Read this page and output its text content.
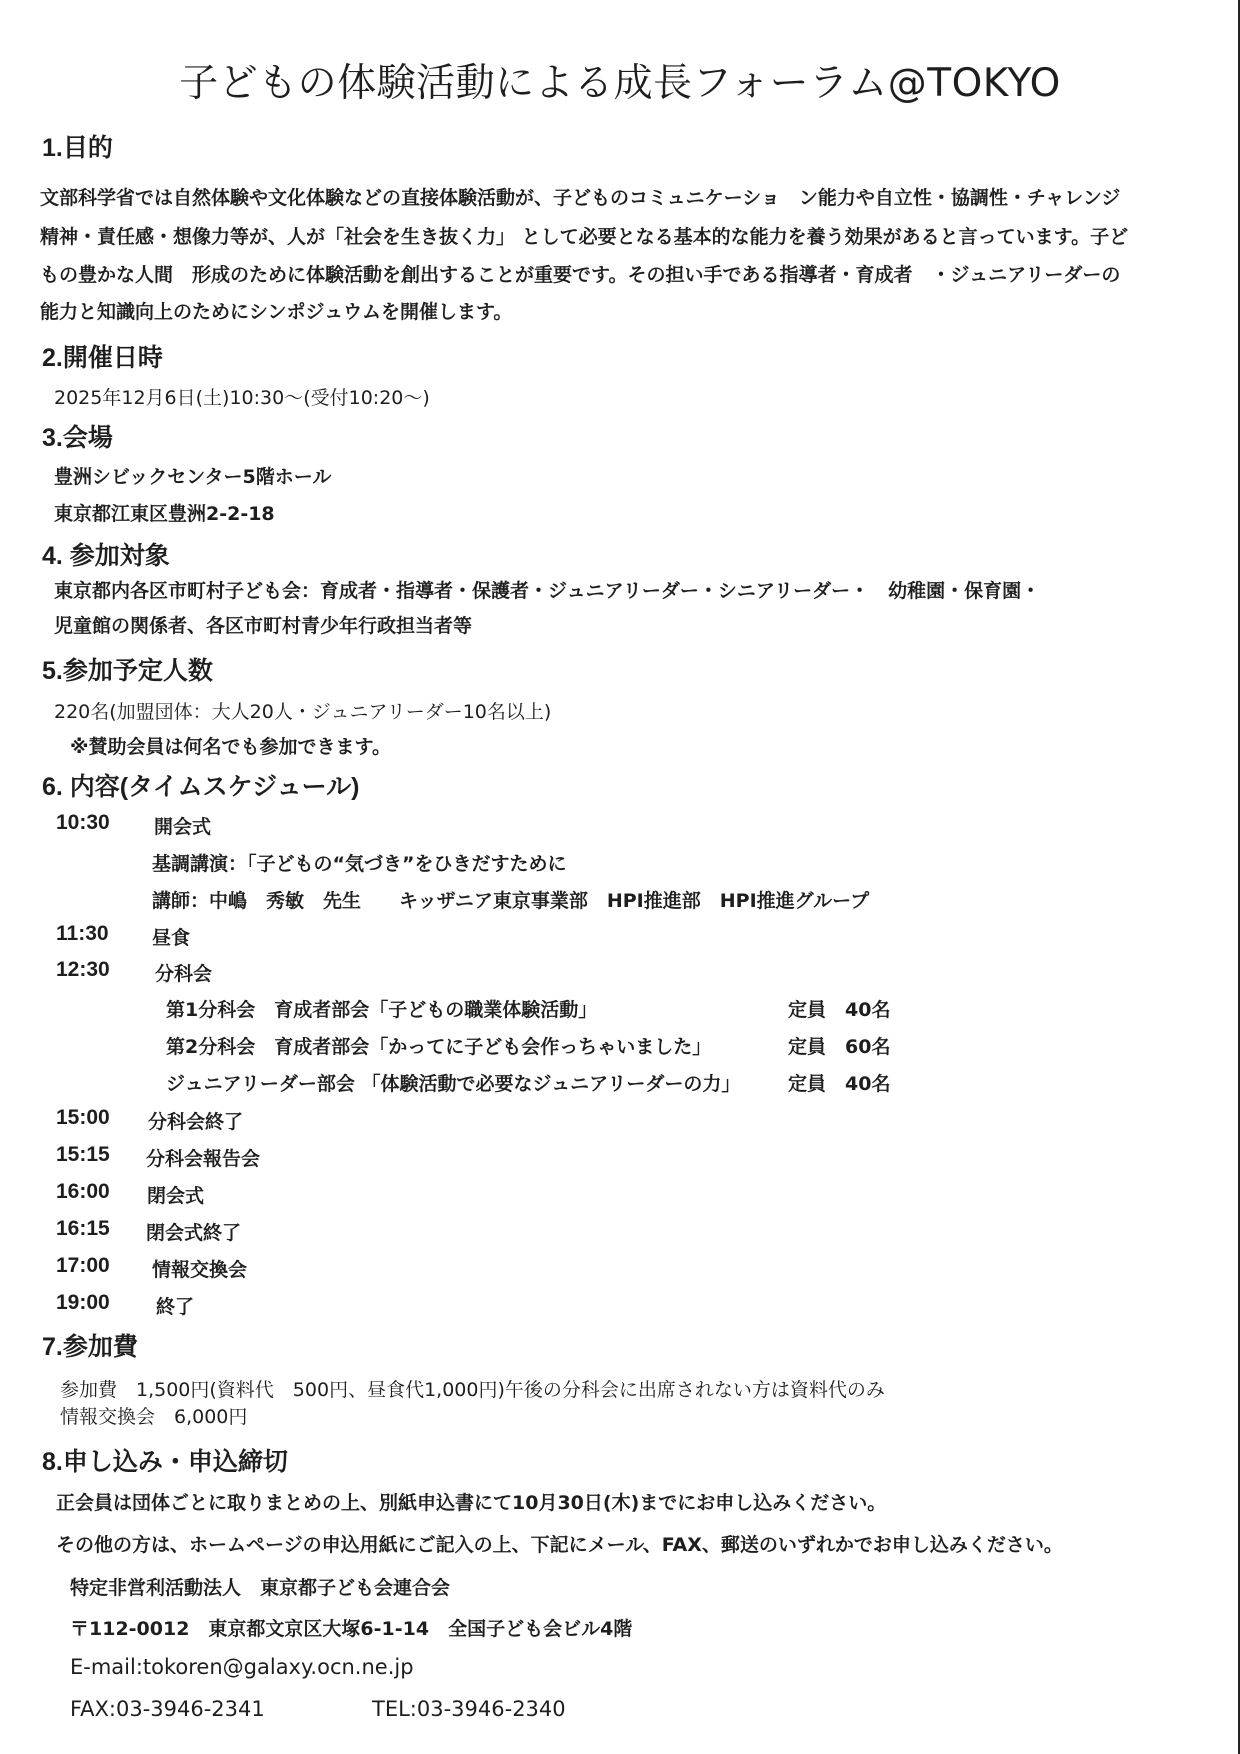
子どもの体験活動による成長フォーラム@TOKYO
1.目的
文部科学省では自然体験や文化体験などの直接体験活動が、子どものコミュニケーショ　ン能力や自立性・協調性・チャレンジ
精神・責任感・想像力等が、人が「社会を生き抜く力」 として必要となる基本的な能力を養う効果があると言っています。子ど
もの豊かな人間　形成のために体験活動を創出することが重要です。その担い手である指導者・育成者　・ジュニアリーダーの
能力と知識向上のためにシンポジュウムを開催します。
2.開催日時
2025年12月6日(土)10:30～(受付10:20～)
3.会場
豊洲シビックセンター5階ホール
東京都江東区豊洲2-2-18
4. 参加対象
東京都内各区市町村子ども会：育成者・指導者・保護者・ジュニアリーダー・シニアリーダー・　幼稚園・保育園・
児童館の関係者、各区市町村青少年行政担当者等
5.参加予定人数
220名(加盟団体：大人20人・ジュニアリーダー10名以上)
※賛助会員は何名でも参加できます。
6. 内容(タイムスケジュール)
10:30 開会式
基調講演：「子どもの“気づき”をひきだすために
講師：中嶋　秀敏　先生 キッザニア東京事業部　HPI推進部　HPI推進グループ
11:30 昼食
12:30 分科会
第1分科会　育成者部会「子どもの職業体験活動」	定員　40名
第2分科会　育成者部会「かってに子ども会作っちゃいました」	定員　60名
ジュニアリーダー部会 「体験活動で必要なジュニアリーダーの力」	定員　40名
15:00 分科会終了
15:15 分科会報告会
16:00 閉会式
16:15 閉会式終了
17:00 情報交換会
19:00 終了
7.参加費
参加費　1,500円(資料代　500円、昼食代1,000円)午後の分科会に出席されない方は資料代のみ
情報交換会　6,000円
8.申し込み・申込締切
正会員は団体ごとに取りまとめの上、別紙申込書にて10月30日(木)までにお申し込みください。
その他の方は、ホームページの申込用紙にご記入の上、下記にメール、FAX、郵送のいずれかでお申し込みください。
特定非営利活動法人　東京都子ども会連合会
〒112-0012　東京都文京区大塚6-1-14　全国子ども会ビル4階
E-mail:tokoren@galaxy.ocn.ne.jp
FAX:03-3946-2341	TEL:03-3946-2340
